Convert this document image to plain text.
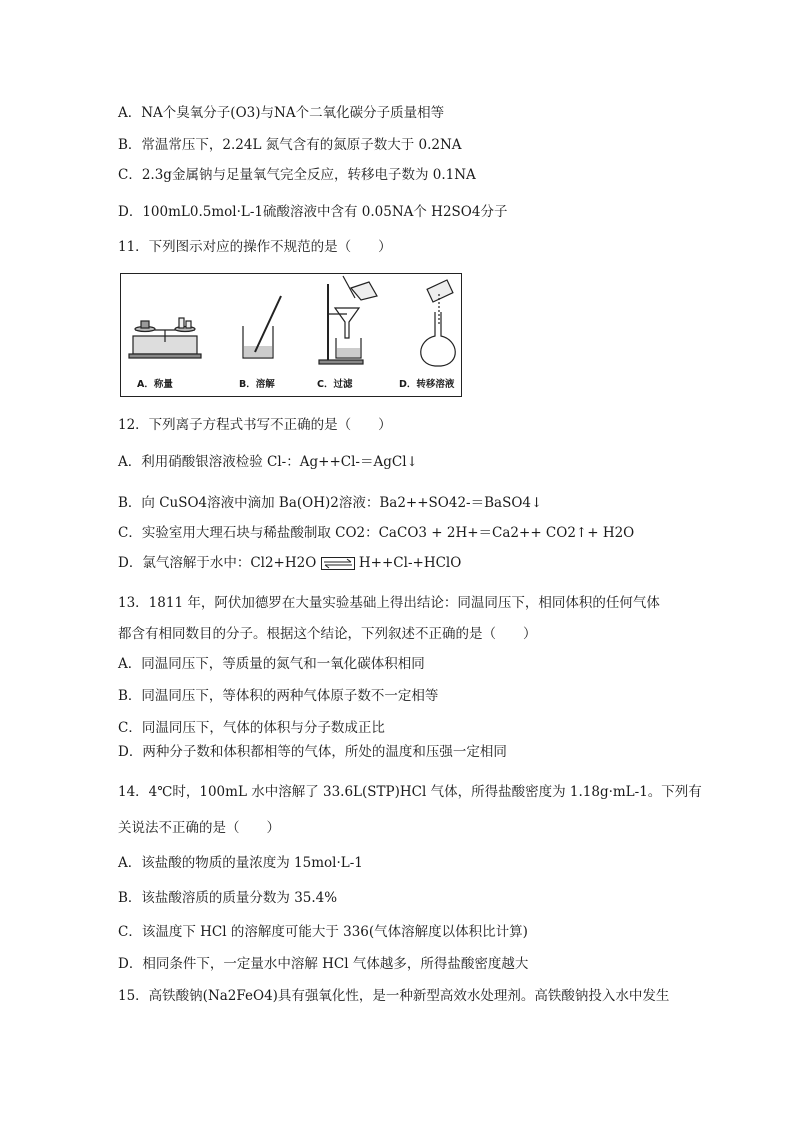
A．NA个臭氧分子(O3)与NA个二氧化碳分子质量相等
B．常温常压下，2.24L 氮气含有的氮原子数大于 0.2NA
C．2.3g金属钠与足量氧气完全反应，转移电子数为 0.1NA
D．100mL0.5mol·L-1硫酸溶液中含有 0.05NA个 H2SO4分子
11．下列图示对应的操作不规范的是（　　）
A．称量	B．溶解	C．过滤	D．转移溶液
12．下列离子方程式书写不正确的是（　　）
A．利用硝酸银溶液检验 Cl-：Ag++Cl-＝AgCl↓
B．向 CuSO4溶液中滴加 Ba(OH)2溶液：Ba2++SO42-＝BaSO4↓
C．实验室用大理石块与稀盐酸制取 CO2：CaCO3 + 2H+＝Ca2++ CO2↑+ H2O
D．氯气溶解于水中：Cl2+H2O	H++Cl-+HClO
13．1811 年，阿伏加德罗在大量实验基础上得出结论：同温同压下，相同体积的任何气体
都含有相同数目的分子。根据这个结论，下列叙述不正确的是（　　）
A．同温同压下，等质量的氮气和一氧化碳体积相同
B．同温同压下，等体积的两种气体原子数不一定相等
C．同温同压下，气体的体积与分子数成正比
D．两种分子数和体积都相等的气体，所处的温度和压强一定相同
14．4℃时，100mL 水中溶解了 33.6L(STP)HCl 气体，所得盐酸密度为 1.18g·mL-1。下列有
关说法不正确的是（　　）
A．该盐酸的物质的量浓度为 15mol·L-1
B．该盐酸溶质的质量分数为 35.4%
C．该温度下 HCl 的溶解度可能大于 336(气体溶解度以体积比计算)
D．相同条件下，一定量水中溶解 HCl 气体越多，所得盐酸密度越大
15．高铁酸钠(Na2FeO4)具有强氧化性，是一种新型高效水处理剂。高铁酸钠投入水中发生
